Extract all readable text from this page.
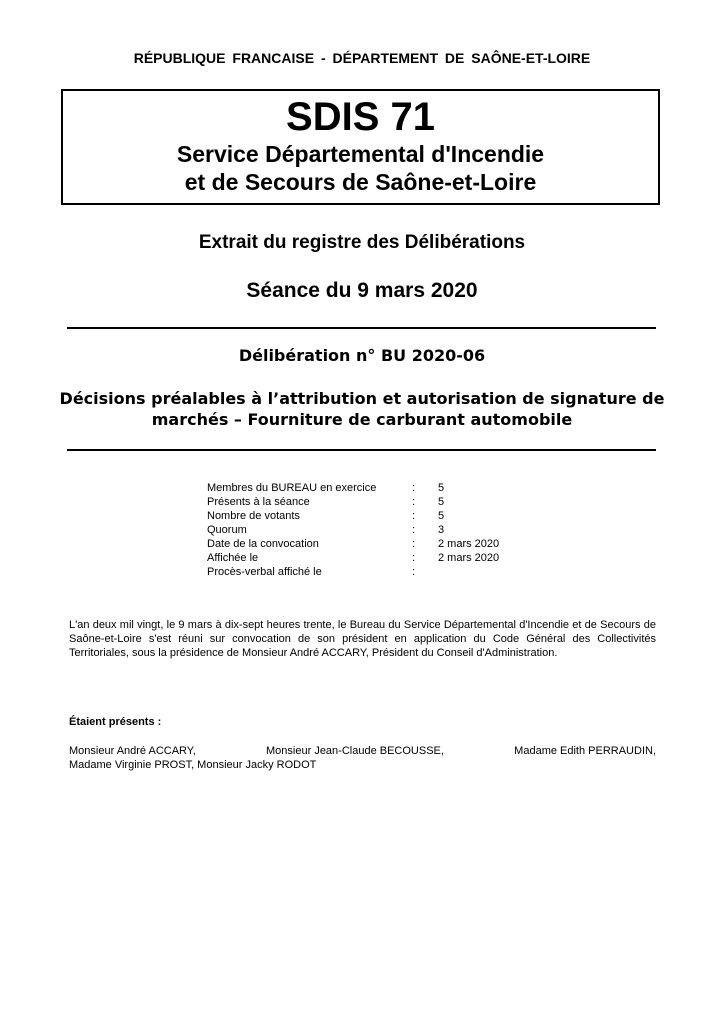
RÉPUBLIQUE FRANCAISE - DÉPARTEMENT DE SAÔNE-ET-LOIRE
SDIS 71
Service Départemental d'Incendie
et de Secours de Saône-et-Loire
Extrait du registre des Délibérations
Séance du 9 mars 2020
Délibération n° BU 2020-06
Décisions préalables à l’attribution et autorisation de signature de marchés – Fourniture de carburant automobile
Membres du BUREAU en exercice	:	5
Présents à la séance	:	5
Nombre de votants	:	5
Quorum	:	3
Date de la convocation	:	2 mars 2020
Affichée le	:	2 mars 2020
Procès-verbal affiché le	:	
L'an deux mil vingt, le 9 mars à dix-sept heures trente, le Bureau du Service Départemental d'Incendie et de Secours de Saône-et-Loire s'est réuni sur convocation de son président en application du Code Général des Collectivités Territoriales, sous la présidence de Monsieur André ACCARY, Président du Conseil d'Administration.
Étaient présents :
Monsieur André ACCARY,	Monsieur Jean-Claude BECOUSSE,	Madame Edith PERRAUDIN,
Madame Virginie PROST, Monsieur Jacky RODOT
